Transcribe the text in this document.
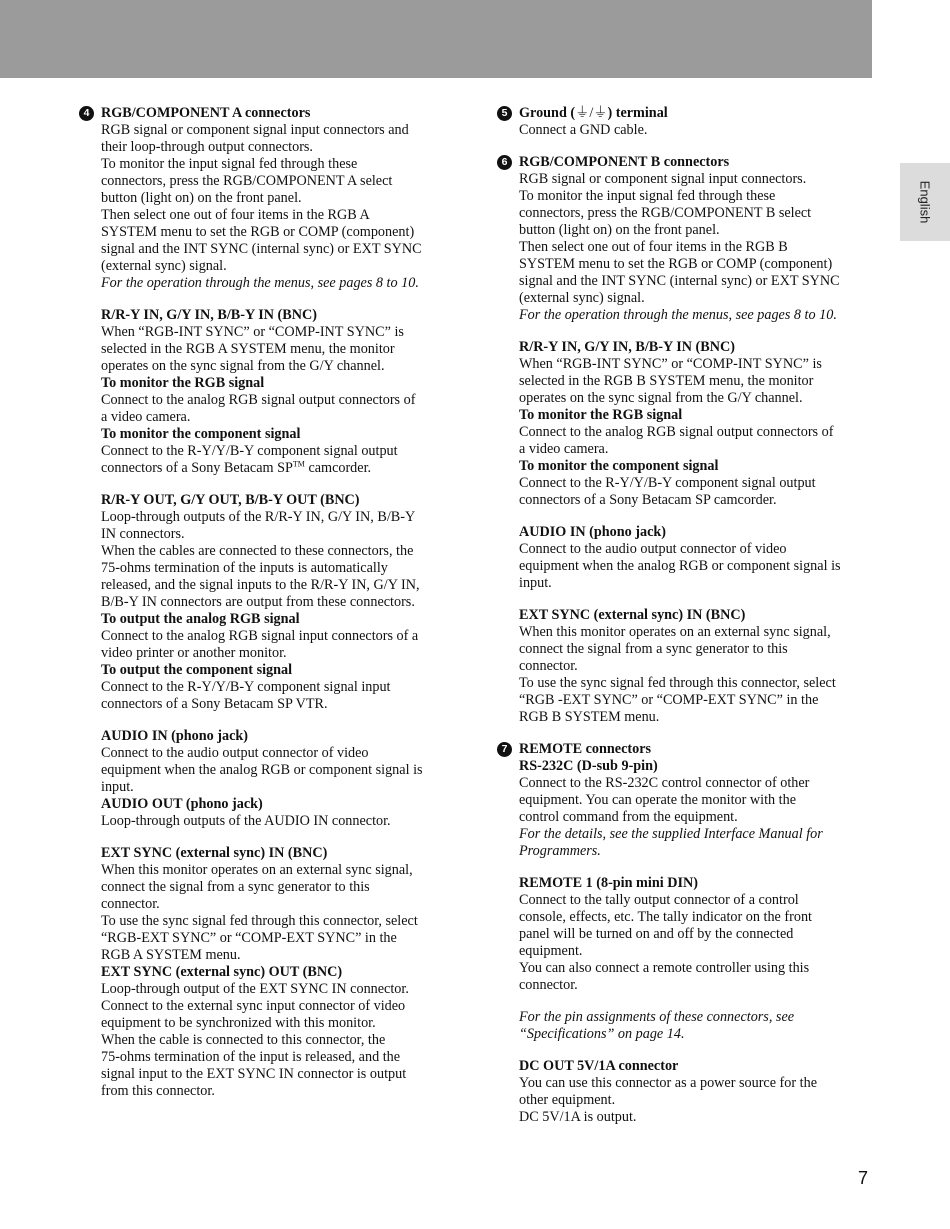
English
4 RGB/COMPONENT A connectors
RGB signal or component signal input connectors and
their loop-through output connectors.
To monitor the input signal fed through these
connectors, press the RGB/COMPONENT A select
button (light on) on the front panel.
Then select one out of four items in the RGB A
SYSTEM menu to set the RGB or COMP (component)
signal and the INT SYNC (internal sync) or EXT SYNC
(external sync) signal.
For the operation through the menus, see pages 8 to 10.
R/R-Y IN, G/Y IN, B/B-Y IN (BNC)
When “RGB-INT SYNC” or “COMP-INT SYNC” is
selected in the RGB A SYSTEM menu, the monitor
operates on the sync signal from the G/Y channel.
To monitor the RGB signal
Connect to the analog RGB signal output connectors of
a video camera.
To monitor the component signal
Connect to the R-Y/Y/B-Y component signal output
connectors of a Sony Betacam SP™ camcorder.
R/R-Y OUT, G/Y OUT, B/B-Y OUT (BNC)
Loop-through outputs of the R/R-Y IN, G/Y IN, B/B-Y
IN connectors.
When the cables are connected to these connectors, the
75-ohms termination of the inputs is automatically
released, and the signal inputs to the R/R-Y IN, G/Y IN,
B/B-Y IN connectors are output from these connectors.
To output the analog RGB signal
Connect to the analog RGB signal input connectors of a
video printer or another monitor.
To output the component signal
Connect to the R-Y/Y/B-Y component signal input
connectors of a Sony Betacam SP VTR.
AUDIO IN (phono jack)
Connect to the audio output connector of video
equipment when the analog RGB or component signal is
input.
AUDIO OUT (phono jack)
Loop-through outputs of the AUDIO IN connector.
EXT SYNC (external sync) IN (BNC)
When this monitor operates on an external sync signal,
connect the signal from a sync generator to this
connector.
To use the sync signal fed through this connector, select
“RGB-EXT SYNC” or “COMP-EXT SYNC” in the
RGB A SYSTEM menu.
EXT SYNC (external sync) OUT (BNC)
Loop-through output of the EXT SYNC IN connector.
Connect to the external sync input connector of video
equipment to be synchronized with this monitor.
When the cable is connected to this connector, the
75-ohms termination of the input is released, and the
signal input to the EXT SYNC IN connector is output
from this connector.
5 Ground (⏚/⏚) terminal
Connect a GND cable.
6 RGB/COMPONENT B connectors
RGB signal or component signal input connectors.
To monitor the input signal fed through these
connectors, press the RGB/COMPONENT B select
button (light on) on the front panel.
Then select one out of four items in the RGB B
SYSTEM menu to set the RGB or COMP (component)
signal and the INT SYNC (internal sync) or EXT SYNC
(external sync) signal.
For the operation through the menus, see pages 8 to 10.
R/R-Y IN, G/Y IN, B/B-Y IN (BNC)
When “RGB-INT SYNC” or “COMP-INT SYNC” is
selected in the RGB B SYSTEM menu, the monitor
operates on the sync signal from the G/Y channel.
To monitor the RGB signal
Connect to the analog RGB signal output connectors of
a video camera.
To monitor the component signal
Connect to the R-Y/Y/B-Y component signal output
connectors of a Sony Betacam SP camcorder.
AUDIO IN (phono jack)
Connect to the audio output connector of video
equipment when the analog RGB or component signal is
input.
EXT SYNC (external sync) IN (BNC)
When this monitor operates on an external sync signal,
connect the signal from a sync generator to this
connector.
To use the sync signal fed through this connector, select
“RGB -EXT SYNC” or “COMP-EXT SYNC” in the
RGB B SYSTEM menu.
7 REMOTE connectors
RS-232C (D-sub 9-pin)
Connect to the RS-232C control connector of other
equipment. You can operate the monitor with the
control command from the equipment.
For the details, see the supplied Interface Manual for
Programmers.
REMOTE 1 (8-pin mini DIN)
Connect to the tally output connector of a control
console, effects, etc. The tally indicator on the front
panel will be turned on and off by the connected
equipment.
You can also connect a remote controller using this
connector.
For the pin assignments of these connectors, see
“Specifications” on page 14.
DC OUT 5V/1A connector
You can use this connector as a power source for the
other equipment.
DC 5V/1A is output.
7
